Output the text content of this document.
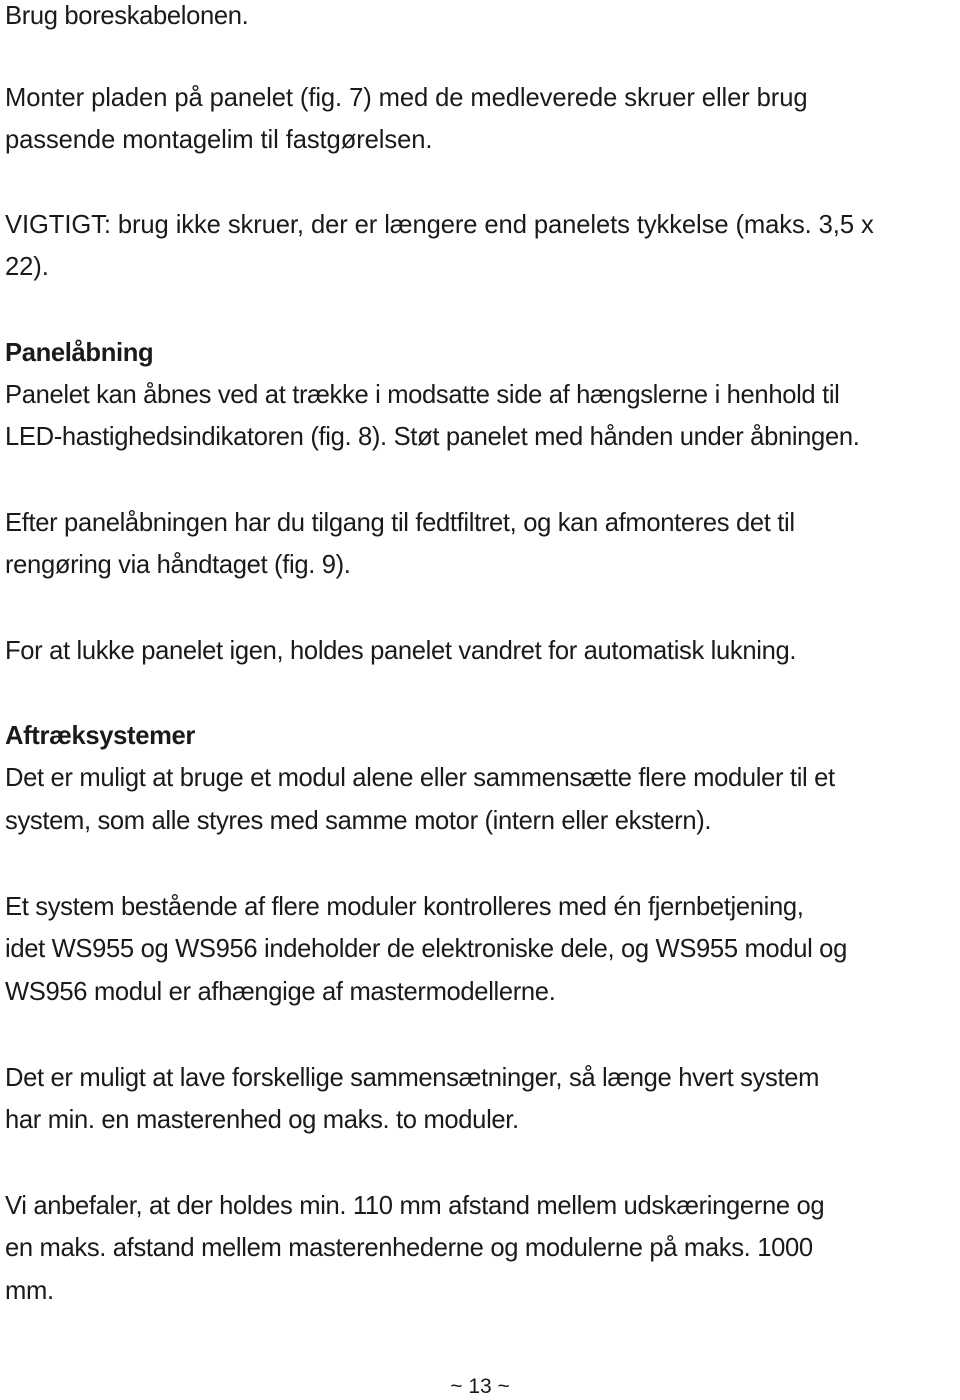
Brug boreskabelonen.
Monter pladen på panelet (fig. 7) med de medleverede skruer eller brug
passende montagelim til fastgørelsen.
VIGTIGT: brug ikke skruer, der er længere end panelets tykkelse (maks. 3,5 x
22).
Panelåbning
Panelet kan åbnes ved at trække i modsatte side af hængslerne i henhold til
LED-hastighedsindikatoren (fig. 8). Støt panelet med hånden under åbningen.
Efter panelåbningen har du tilgang til fedtfiltret, og kan afmonteres det til
rengøring via håndtaget (fig. 9).
For at lukke panelet igen, holdes panelet vandret for automatisk lukning.
Aftræksystemer
Det er muligt at bruge et modul alene eller sammensætte flere moduler til et
system, som alle styres med samme motor (intern eller ekstern).
Et system bestående af flere moduler kontrolleres med én fjernbetjening,
idet WS955 og WS956 indeholder de elektroniske dele, og WS955 modul og
WS956 modul er afhængige af mastermodellerne.
Det er muligt at lave forskellige sammensætninger, så længe hvert system
har min. en masterenhed og maks. to moduler.
Vi anbefaler, at der holdes min. 110 mm afstand mellem udskæringerne og
en maks. afstand mellem masterenhederne og modulerne på maks. 1000
mm.
~ 13 ~
